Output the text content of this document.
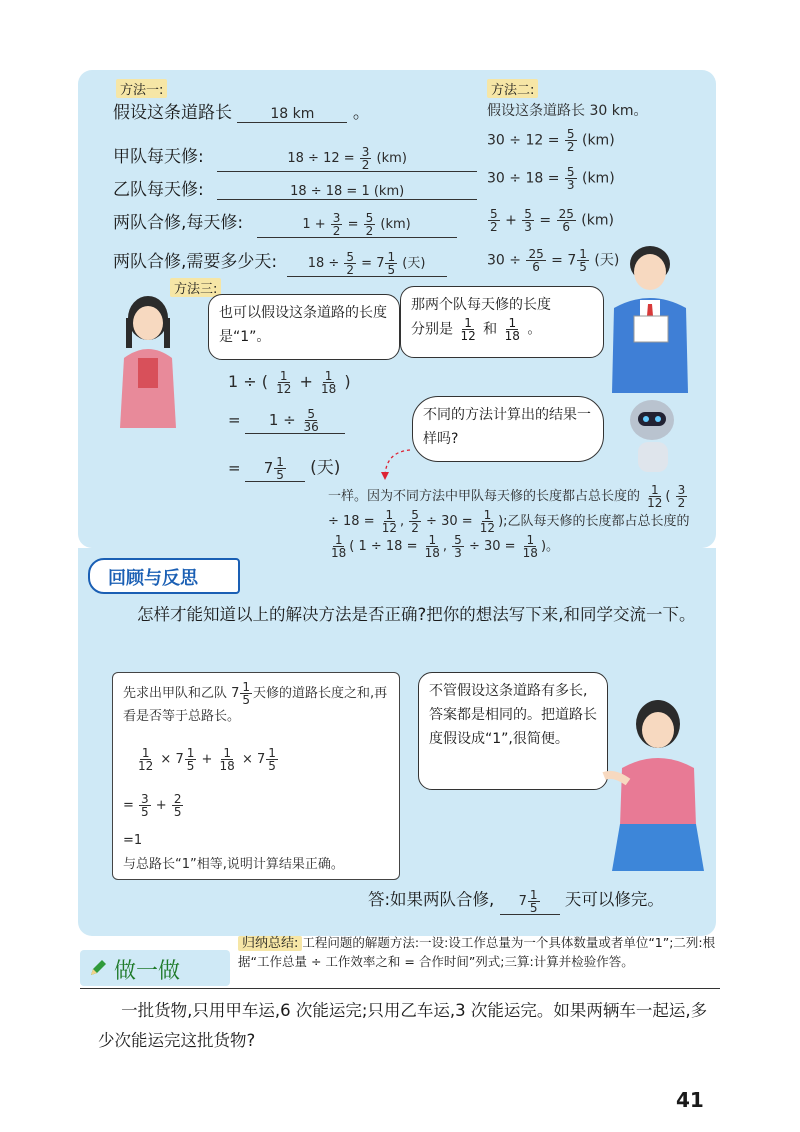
方法一:
假设这条道路长	18 km 。
甲队每天修:	$18 \div 12 = \frac{3}{2} (km)$
乙队每天修:	18 ÷ 18 = 1 (km)
两队合修,每天修:	$1 + \frac{3}{2} = \frac{5}{2} (km)$
两队合修,需要多少天: $18 \div \frac{5}{2} = 7 \frac{1}{5}$ (天)
方法二:
假设这条道路长 30 km。
$30 \div 12 = \frac{5}{2} (km)$
$30 \div 18 = \frac{5}{3} (km)$
$\frac{5}{2} + \frac{5}{3} = \frac{25}{6} (km)$
$30 \div \frac{25}{6} = 7 \frac{1}{5}$ (天)
方法三:
也可以假设这条道路的长度是“1”。
那两个队每天修的长度
分别是 $\frac{1}{12}$ 和 $\frac{1}{18}$ 。
1 ÷ ( $\frac{1}{12} + \frac{1}{18}$ )
= $1 \div \frac{5}{36}$
= $7 \frac{1}{5}$ (天)
不同的方法计算出的结果一样吗?
一样。因为不同方法中甲队每天修的长度都占总长度的 $\frac{1}{12}$ ( $\frac{3}{2}$
÷ $18 = \frac{1}{12}$ , $\frac{5}{2} \div 30 = \frac{1}{12}$ );乙队每天修的长度都占总长度的
$\frac{1}{18}$ ( $1 \div 18 = \frac{1}{18}$ , $\frac{5}{3} \div 30 = \frac{1}{18}$ )。
回顾与反思
怎样才能知道以上的解决方法是否正确?把你的想法写下来,和同学交流一下。
先求出甲队和乙队 $7 \frac{1}{5}$ 天修的道路长度之和,再看是否等于总路长。
$\frac{1}{12} \times 7 \frac{1}{5} + \frac{1}{18} \times 7 \frac{1}{5}$
= $\frac{3}{5} + \frac{2}{5}$
=1
与总路长“1”相等,说明计算结果正确。
不管假设这条道路有多长,答案都是相同的。把道路长度假设成“1”,很简便。
答:如果两队合修, $7 \frac{1}{5}$ 天可以修完。
归纳总结: 工程问题的解题方法:一设:设工作总量为一个具体数量或者单位“1”;二列:根据“工作总量 ÷ 工作效率之和 = 合作时间”列式;三算:计算并检验作答。
做一做
一批货物,只用甲车运,6 次能运完;只用乙车运,3 次能运完。如果两辆车一起运,多少次能运完这批货物?
41
